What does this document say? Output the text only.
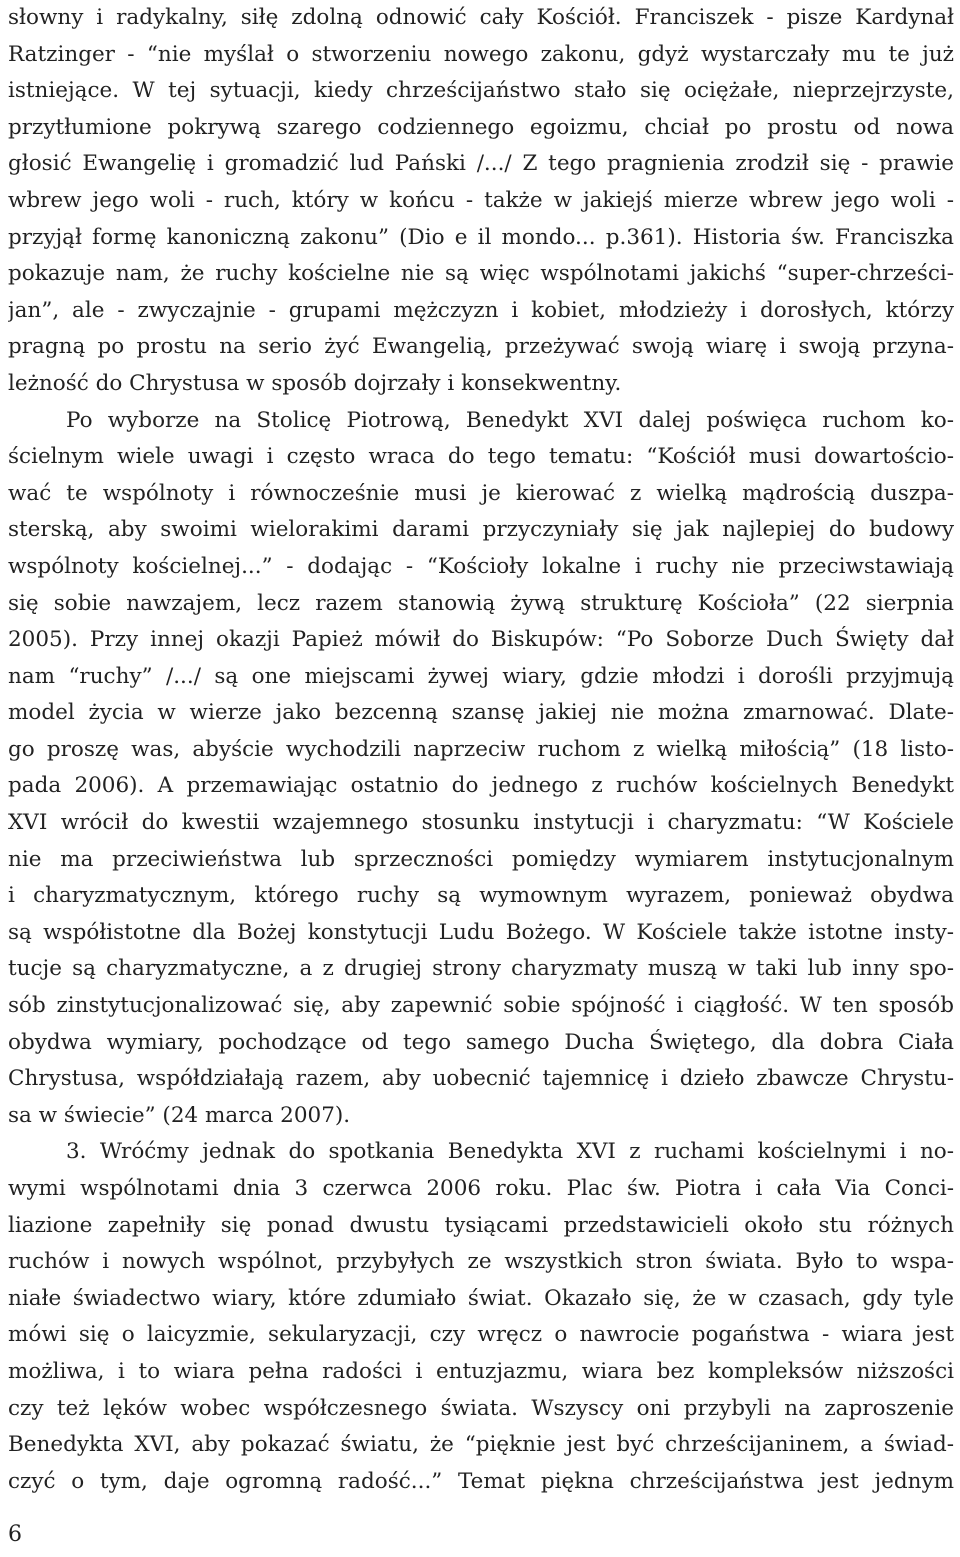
słowny i radykalny, siłę zdolną odnowić cały Kościół. Franciszek - pisze Kardynał
Ratzinger - “nie myślał o stworzeniu nowego zakonu, gdyż wystarczały mu te już
istniejące. W tej sytuacji, kiedy chrześcijaństwo stało się ociężałe, nieprzejrzyste,
przytłumione pokrywą szarego codziennego egoizmu, chciał po prostu od nowa
głosić Ewangelię i gromadzić lud Pański /.../ Z tego pragnienia zrodził się - prawie
wbrew jego woli - ruch, który w końcu - także w jakiejś mierze wbrew jego woli -
przyjął formę kanoniczną zakonu” (Dio e il mondo... p.361). Historia św. Franciszka
pokazuje nam, że ruchy kościelne nie są więc wspólnotami jakichś “super-chrześci-
jan”, ale - zwyczajnie - grupami mężczyzn i kobiet, młodzieży i dorosłych, którzy
pragną po prostu na serio żyć Ewangelią, przeżywać swoją wiarę i swoją przyna-
leżność do Chrystusa w sposób dojrzały i konsekwentny.
Po wyborze na Stolicę Piotrową, Benedykt XVI dalej poświęca ruchom ko-
ścielnym wiele uwagi i często wraca do tego tematu: “Kościół musi dowartościo-
wać te wspólnoty i równocześnie musi je kierować z wielką mądrością duszpa-
sterską, aby swoimi wielorakimi darami przyczyniały się jak najlepiej do budowy
wspólnoty kościelnej...” - dodając - “Kościoły lokalne i ruchy nie przeciwstawiają
się sobie nawzajem, lecz razem stanowią żywą strukturę Kościoła” (22 sierpnia
2005). Przy innej okazji Papież mówił do Biskupów: “Po Soborze Duch Święty dał
nam “ruchy” /.../ są one miejscami żywej wiary, gdzie młodzi i dorośli przyjmują
model życia w wierze jako bezcenną szansę jakiej nie można zmarnować. Dlate-
go proszę was, abyście wychodzili naprzeciw ruchom z wielką miłością” (18 listo-
pada 2006). A przemawiając ostatnio do jednego z ruchów kościelnych Benedykt
XVI wrócił do kwestii wzajemnego stosunku instytucji i charyzmatu: “W Kościele
nie ma przeciwieństwa lub sprzeczności pomiędzy wymiarem instytucjonalnym
i charyzmatycznym, którego ruchy są wymownym wyrazem, ponieważ obydwa
są współistotne dla Bożej konstytucji Ludu Bożego. W Kościele także istotne insty-
tucje są charyzmatyczne, a z drugiej strony charyzmaty muszą w taki lub inny spo-
sób zinstytucjonalizować się, aby zapewnić sobie spójność i ciągłość. W ten sposób
obydwa wymiary, pochodzące od tego samego Ducha Świętego, dla dobra Ciała
Chrystusa, współdziałają razem, aby uobecnić tajemnicę i dzieło zbawcze Chrystu-
sa w świecie” (24 marca 2007).
3. Wróćmy jednak do spotkania Benedykta XVI z ruchami kościelnymi i no-
wymi wspólnotami dnia 3 czerwca 2006 roku. Plac św. Piotra i cała Via Conci-
liazione zapełniły się ponad dwustu tysiącami przedstawicieli około stu różnych
ruchów i nowych wspólnot, przybyłych ze wszystkich stron świata. Było to wspa-
niałe świadectwo wiary, które zdumiało świat. Okazało się, że w czasach, gdy tyle
mówi się o laicyzmie, sekularyzacji, czy wręcz o nawrocie pogaństwa - wiara jest
możliwa, i to wiara pełna radości i entuzjazmu, wiara bez kompleksów niższości
czy też lęków wobec współczesnego świata. Wszyscy oni przybyli na zaproszenie
Benedykta XVI, aby pokazać światu, że “pięknie jest być chrześcijaninem, a świad-
czyć o tym, daje ogromną radość...” Temat piękna chrześcijaństwa jest jednym
6
